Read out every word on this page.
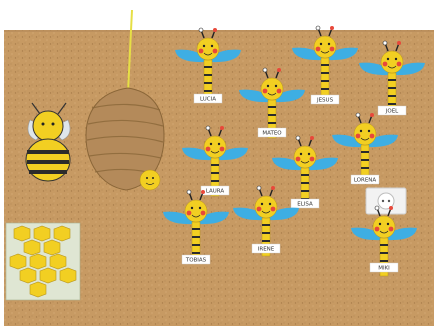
LUCIA	JESUS
JOEL
MATEO
LAURA
ELISA
LORENA
TOBIAS
IRENE
MIKI
